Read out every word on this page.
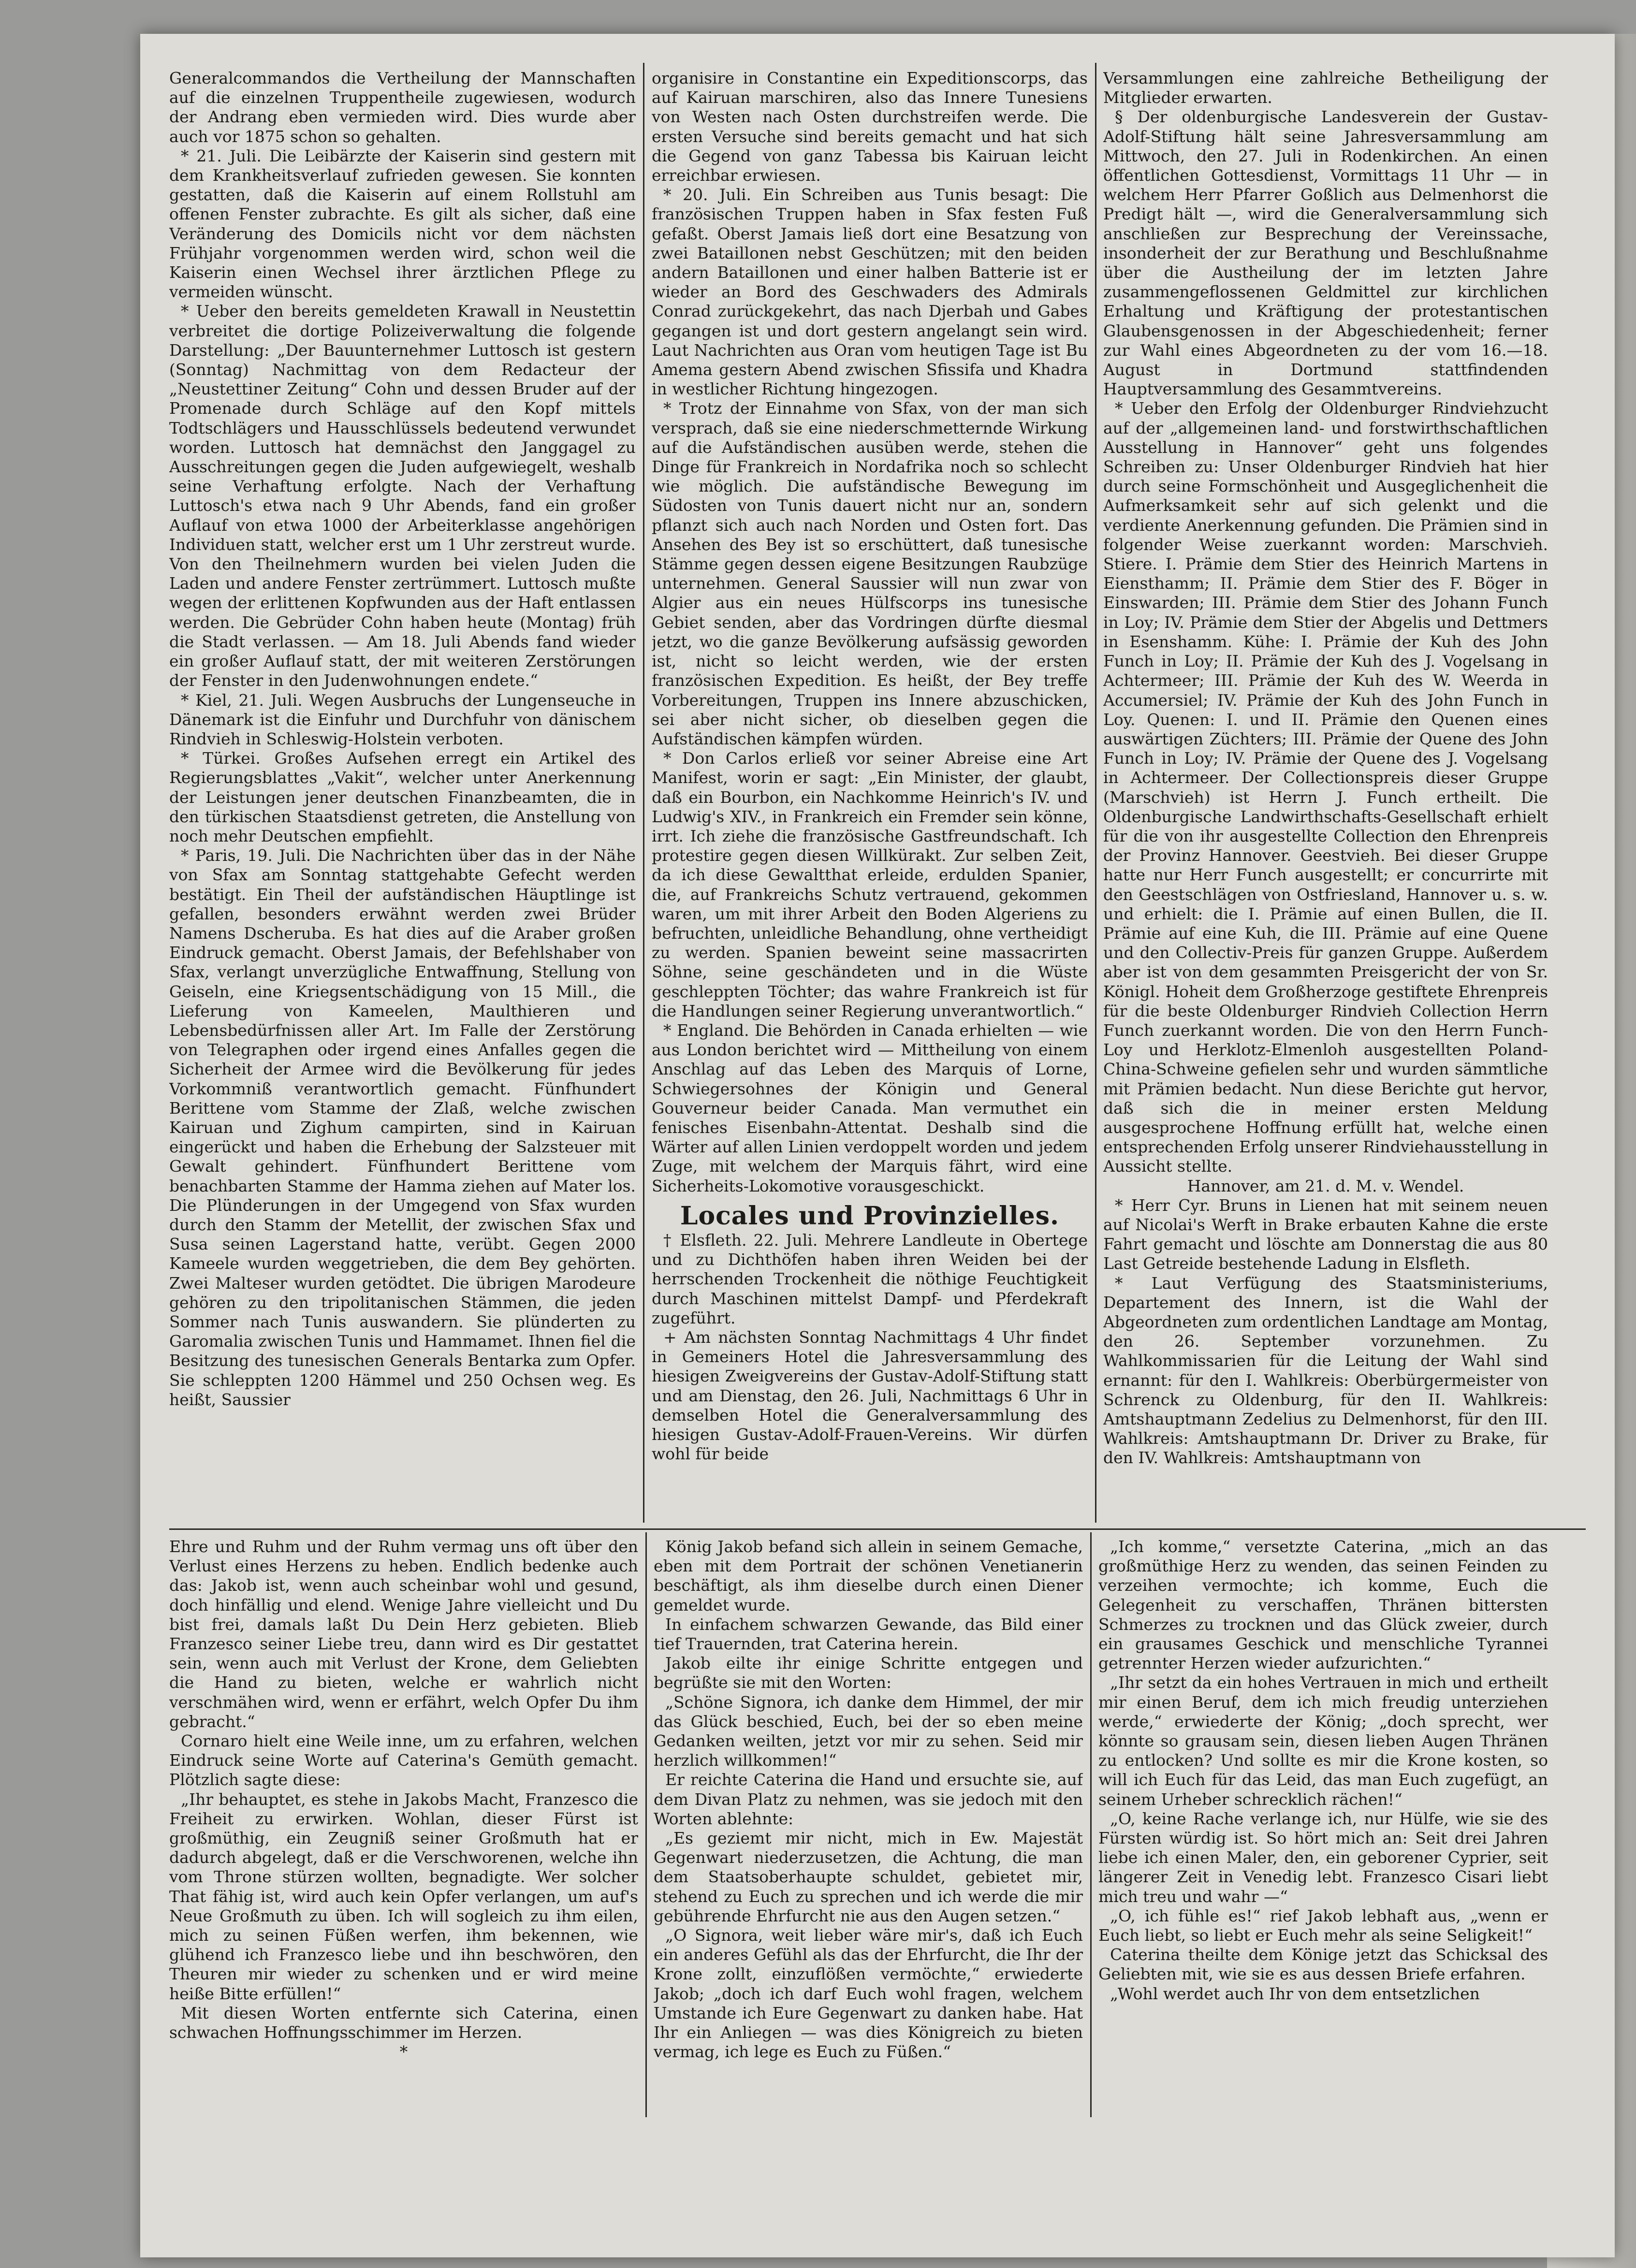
Generalcommandos die Vertheilung der Mannschaften auf die einzelnen Truppentheile zugewiesen, wodurch der Andrang eben vermieden wird. Dies wurde aber auch vor 1875 schon so gehalten.

* 21. Juli. Die Leibärzte der Kaiserin sind gestern mit dem Krankheitsverlauf zufrieden gewesen. Sie konnten gestatten, daß die Kaiserin auf einem Rollstuhl am offenen Fenster zubrachte. Es gilt als sicher, daß eine Veränderung des Domicils nicht vor dem nächsten Frühjahr vorgenommen werden wird, schon weil die Kaiserin einen Wechsel ihrer ärztlichen Pflege zu vermeiden wünscht.

* Ueber den bereits gemeldeten Krawall in Neustettin verbreitet die dortige Polizeiverwaltung die folgende Darstellung: „Der Bauunternehmer Luttosch ist gestern (Sonntag) Nachmittag von dem Redacteur der „Neustettiner Zeitung“ Cohn und dessen Bruder auf der Promenade durch Schläge auf den Kopf mittels Todtschlägers und Hausschlüssels bedeutend verwundet worden. Luttosch hat demnächst den Janggagel zu Ausschreitungen gegen die Juden aufgewiegelt, weshalb seine Verhaftung erfolgte. Nach der Verhaftung Luttosch's etwa nach 9 Uhr Abends, fand ein großer Auflauf von etwa 1000 der Arbeiterklasse angehörigen Individuen statt, welcher erst um 1 Uhr zerstreut wurde. Von den Theilnehmern wurden bei vielen Juden die Laden und andere Fenster zertrümmert. Luttosch mußte wegen der erlittenen Kopfwunden aus der Haft entlassen werden. Die Gebrüder Cohn haben heute (Montag) früh die Stadt verlassen. — Am 18. Juli Abends fand wieder ein großer Auflauf statt, der mit weiteren Zerstörungen der Fenster in den Judenwohnungen endete.“

* Kiel, 21. Juli. Wegen Ausbruchs der Lungenseuche in Dänemark ist die Einfuhr und Durchfuhr von dänischem Rindvieh in Schleswig-Holstein verboten.

* Türkei. Großes Aufsehen erregt ein Artikel des Regierungsblattes „Vakit“, welcher unter Anerkennung der Leistungen jener deutschen Finanzbeamten, die in den türkischen Staatsdienst getreten, die Anstellung von noch mehr Deutschen empfiehlt.

* Paris, 19. Juli. Die Nachrichten über das in der Nähe von Sfax am Sonntag stattgehabte Gefecht werden bestätigt. Ein Theil der aufständischen Häuptlinge ist gefallen, besonders erwähnt werden zwei Brüder Namens Dscheruba. Es hat dies auf die Araber großen Eindruck gemacht. Oberst Jamais, der Befehlshaber von Sfax, verlangt unverzügliche Entwaffnung, Stellung von Geiseln, eine Kriegsentschädigung von 15 Mill., die Lieferung von Kameelen, Maulthieren und Lebensbedürfnissen aller Art. Im Falle der Zerstörung von Telegraphen oder irgend eines Anfalles gegen die Sicherheit der Armee wird die Bevölkerung für jedes Vorkommniß verantwortlich gemacht. Fünfhundert Berittene vom Stamme der Zlaß, welche zwischen Kairuan und Zighum campirten, sind in Kairuan eingerückt und haben die Erhebung der Salzsteuer mit Gewalt gehindert. Fünfhundert Berittene vom benachbarten Stamme der Hamma ziehen auf Mater los. Die Plünderungen in der Umgegend von Sfax wurden durch den Stamm der Metellit, der zwischen Sfax und Susa seinen Lagerstand hatte, verübt. Gegen 2000 Kameele wurden weggetrieben, die dem Bey gehörten. Zwei Malteser wurden getödtet. Die übrigen Marodeure gehören zu den tripolitanischen Stämmen, die jeden Sommer nach Tunis auswandern. Sie plünderten zu Garomalia zwischen Tunis und Hammamet. Ihnen fiel die Besitzung des tunesischen Generals Bentarka zum Opfer. Sie schleppten 1200 Hämmel und 250 Ochsen weg. Es heißt, Saussier

organisire in Constantine ein Expeditionscorps, das auf Kairuan marschiren, also das Innere Tunesiens von Westen nach Osten durchstreifen werde. Die ersten Versuche sind bereits gemacht und hat sich die Gegend von ganz Tabessa bis Kairuan leicht erreichbar erwiesen.

* 20. Juli. Ein Schreiben aus Tunis besagt: Die französischen Truppen haben in Sfax festen Fuß gefaßt. Oberst Jamais ließ dort eine Besatzung von zwei Bataillonen nebst Geschützen; mit den beiden andern Bataillonen und einer halben Batterie ist er wieder an Bord des Geschwaders des Admirals Conrad zurückgekehrt, das nach Djerbah und Gabes gegangen ist und dort gestern angelangt sein wird. Laut Nachrichten aus Oran vom heutigen Tage ist Bu Amema gestern Abend zwischen Sfissifa und Khadra in westlicher Richtung hingezogen.

* Trotz der Einnahme von Sfax, von der man sich versprach, daß sie eine niederschmetternde Wirkung auf die Aufständischen ausüben werde, stehen die Dinge für Frankreich in Nordafrika noch so schlecht wie möglich. Die aufständische Bewegung im Südosten von Tunis dauert nicht nur an, sondern pflanzt sich auch nach Norden und Osten fort. Das Ansehen des Bey ist so erschüttert, daß tunesische Stämme gegen dessen eigene Besitzungen Raubzüge unternehmen. General Saussier will nun zwar von Algier aus ein neues Hülfscorps ins tunesische Gebiet senden, aber das Vordringen dürfte diesmal jetzt, wo die ganze Bevölkerung aufsässig geworden ist, nicht so leicht werden, wie der ersten französischen Expedition. Es heißt, der Bey treffe Vorbereitungen, Truppen ins Innere abzuschicken, sei aber nicht sicher, ob dieselben gegen die Aufständischen kämpfen würden.

* Don Carlos erließ vor seiner Abreise eine Art Manifest, worin er sagt: „Ein Minister, der glaubt, daß ein Bourbon, ein Nachkomme Heinrich's IV. und Ludwig's XIV., in Frankreich ein Fremder sein könne, irrt. Ich ziehe die französische Gastfreundschaft. Ich protestire gegen diesen Willkürakt. Zur selben Zeit, da ich diese Gewaltthat erleide, erdulden Spanier, die, auf Frankreichs Schutz vertrauend, gekommen waren, um mit ihrer Arbeit den Boden Algeriens zu befruchten, unleidliche Behandlung, ohne vertheidigt zu werden. Spanien beweint seine massacrirten Söhne, seine geschändeten und in die Wüste geschleppten Töchter; das wahre Frankreich ist für die Handlungen seiner Regierung unverantwortlich.“

* England. Die Behörden in Canada erhielten — wie aus London berichtet wird — Mittheilung von einem Anschlag auf das Leben des Marquis of Lorne, Schwiegersohnes der Königin und General Gouverneur beider Canada. Man vermuthet ein fenisches Eisenbahn-Attentat. Deshalb sind die Wärter auf allen Linien verdoppelt worden und jedem Zuge, mit welchem der Marquis fährt, wird eine Sicherheits-Lokomotive vorausgeschickt.

Locales und Provinzielles.

† Elsfleth. 22. Juli. Mehrere Landleute in Obertege und zu Dichthöfen haben ihren Weiden bei der herrschenden Trockenheit die nöthige Feuchtigkeit durch Maschinen mittelst Dampf- und Pferdekraft zugeführt.

+ Am nächsten Sonntag Nachmittags 4 Uhr findet in Gemeiners Hotel die Jahresversammlung des hiesigen Zweigvereins der Gustav-Adolf-Stiftung statt und am Dienstag, den 26. Juli, Nachmittags 6 Uhr in demselben Hotel die Generalversammlung des hiesigen Gustav-Adolf-Frauen-Vereins. Wir dürfen wohl für beide

Versammlungen eine zahlreiche Betheiligung der Mitglieder erwarten.

§ Der oldenburgische Landesverein der Gustav-Adolf-Stiftung hält seine Jahresversammlung am Mittwoch, den 27. Juli in Rodenkirchen. An einen öffentlichen Gottesdienst, Vormittags 11 Uhr — in welchem Herr Pfarrer Goßlich aus Delmenhorst die Predigt hält —, wird die Generalversammlung sich anschließen zur Besprechung der Vereinssache, insonderheit der zur Berathung und Beschlußnahme über die Austheilung der im letzten Jahre zusammengeflossenen Geldmittel zur kirchlichen Erhaltung und Kräftigung der protestantischen Glaubensgenossen in der Abgeschiedenheit; ferner zur Wahl eines Abgeordneten zu der vom 16.—18. August in Dortmund stattfindenden Hauptversammlung des Gesammtvereins.

* Ueber den Erfolg der Oldenburger Rindviehzucht auf der „allgemeinen land- und forstwirthschaftlichen Ausstellung in Hannover“ geht uns folgendes Schreiben zu: Unser Oldenburger Rindvieh hat hier durch seine Formschönheit und Ausgeglichenheit die Aufmerksamkeit sehr auf sich gelenkt und die verdiente Anerkennung gefunden. Die Prämien sind in folgender Weise zuerkannt worden: Marschvieh. Stiere. I. Prämie dem Stier des Heinrich Martens in Eiensthamm; II. Prämie dem Stier des F. Böger in Einswarden; III. Prämie dem Stier des Johann Funch in Loy; IV. Prämie dem Stier der Abgelis und Dettmers in Esenshamm. Kühe: I. Prämie der Kuh des John Funch in Loy; II. Prämie der Kuh des J. Vogelsang in Achtermeer; III. Prämie der Kuh des W. Weerda in Accumersiel; IV. Prämie der Kuh des John Funch in Loy. Quenen: I. und II. Prämie den Quenen eines auswärtigen Züchters; III. Prämie der Quene des John Funch in Loy; IV. Prämie der Quene des J. Vogelsang in Achtermeer. Der Collectionspreis dieser Gruppe (Marschvieh) ist Herrn J. Funch ertheilt. Die Oldenburgische Landwirthschafts-Gesellschaft erhielt für die von ihr ausgestellte Collection den Ehrenpreis der Provinz Hannover. Geestvieh. Bei dieser Gruppe hatte nur Herr Funch ausgestellt; er concurrirte mit den Geestschlägen von Ostfriesland, Hannover u. s. w. und erhielt: die I. Prämie auf einen Bullen, die II. Prämie auf eine Kuh, die III. Prämie auf eine Quene und den Collectiv-Preis für ganzen Gruppe. Außerdem aber ist von dem gesammten Preisgericht der von Sr. Königl. Hoheit dem Großherzoge gestiftete Ehrenpreis für die beste Oldenburger Rindvieh Collection Herrn Funch zuerkannt worden. Die von den Herrn Funch-Loy und Herklotz-Elmenloh ausgestellten Poland-China-Schweine gefielen sehr und wurden sämmtliche mit Prämien bedacht. Nun diese Berichte gut hervor, daß sich die in meiner ersten Meldung ausgesprochene Hoffnung erfüllt hat, welche einen entsprechenden Erfolg unserer Rindviehausstellung in Aussicht stellte.

Hannover, am 21. d. M. v. Wendel.

* Herr Cyr. Bruns in Lienen hat mit seinem neuen auf Nicolai's Werft in Brake erbauten Kahne die erste Fahrt gemacht und löschte am Donnerstag die aus 80 Last Getreide bestehende Ladung in Elsfleth.

* Laut Verfügung des Staatsministeriums, Departement des Innern, ist die Wahl der Abgeordneten zum ordentlichen Landtage am Montag, den 26. September vorzunehmen. Zu Wahlkommissarien für die Leitung der Wahl sind ernannt: für den I. Wahlkreis: Oberbürgermeister von Schrenck zu Oldenburg, für den II. Wahlkreis: Amtshauptmann Zedelius zu Delmenhorst, für den III. Wahlkreis: Amtshauptmann Dr. Driver zu Brake, für den IV. Wahlkreis: Amtshauptmann von

Ehre und Ruhm und der Ruhm vermag uns oft über den Verlust eines Herzens zu heben. Endlich bedenke auch das: Jakob ist, wenn auch scheinbar wohl und gesund, doch hinfällig und elend. Wenige Jahre vielleicht und Du bist frei, damals laßt Du Dein Herz gebieten. Blieb Franzesco seiner Liebe treu, dann wird es Dir gestattet sein, wenn auch mit Verlust der Krone, dem Geliebten die Hand zu bieten, welche er wahrlich nicht verschmähen wird, wenn er erfährt, welch Opfer Du ihm gebracht.“

Cornaro hielt eine Weile inne, um zu erfahren, welchen Eindruck seine Worte auf Caterina's Gemüth gemacht. Plötzlich sagte diese:

„Ihr behauptet, es stehe in Jakobs Macht, Franzesco die Freiheit zu erwirken. Wohlan, dieser Fürst ist großmüthig, ein Zeugniß seiner Großmuth hat er dadurch abgelegt, daß er die Verschworenen, welche ihn vom Throne stürzen wollten, begnadigte. Wer solcher That fähig ist, wird auch kein Opfer verlangen, um auf's Neue Großmuth zu üben. Ich will sogleich zu ihm eilen, mich zu seinen Füßen werfen, ihm bekennen, wie glühend ich Franzesco liebe und ihn beschwören, den Theuren mir wieder zu schenken und er wird meine heiße Bitte erfüllen!“

Mit diesen Worten entfernte sich Caterina, einen schwachen Hoffnungsschimmer im Herzen.

*

König Jakob befand sich allein in seinem Gemache, eben mit dem Portrait der schönen Venetianerin beschäftigt, als ihm dieselbe durch einen Diener gemeldet wurde.

In einfachem schwarzen Gewande, das Bild einer tief Trauernden, trat Caterina herein.

Jakob eilte ihr einige Schritte entgegen und begrüßte sie mit den Worten:

„Schöne Signora, ich danke dem Himmel, der mir das Glück beschied, Euch, bei der so eben meine Gedanken weilten, jetzt vor mir zu sehen. Seid mir herzlich willkommen!“

Er reichte Caterina die Hand und ersuchte sie, auf dem Divan Platz zu nehmen, was sie jedoch mit den Worten ablehnte:

„Es geziemt mir nicht, mich in Ew. Majestät Gegenwart niederzusetzen, die Achtung, die man dem Staatsoberhaupte schuldet, gebietet mir, stehend zu Euch zu sprechen und ich werde die mir gebührende Ehrfurcht nie aus den Augen setzen.“

„O Signora, weit lieber wäre mir's, daß ich Euch ein anderes Gefühl als das der Ehrfurcht, die Ihr der Krone zollt, einzuflößen vermöchte,“ erwiederte Jakob; „doch ich darf Euch wohl fragen, welchem Umstande ich Eure Gegenwart zu danken habe. Hat Ihr ein Anliegen — was dies Königreich zu bieten vermag, ich lege es Euch zu Füßen.“

„Ich komme,“ versetzte Caterina, „mich an das großmüthige Herz zu wenden, das seinen Feinden zu verzeihen vermochte; ich komme, Euch die Gelegenheit zu verschaffen, Thränen bittersten Schmerzes zu trocknen und das Glück zweier, durch ein grausames Geschick und menschliche Tyrannei getrennter Herzen wieder aufzurichten.“

„Ihr setzt da ein hohes Vertrauen in mich und ertheilt mir einen Beruf, dem ich mich freudig unterziehen werde,“ erwiederte der König; „doch sprecht, wer könnte so grausam sein, diesen lieben Augen Thränen zu entlocken? Und sollte es mir die Krone kosten, so will ich Euch für das Leid, das man Euch zugefügt, an seinem Urheber schrecklich rächen!“

„O, keine Rache verlange ich, nur Hülfe, wie sie des Fürsten würdig ist. So hört mich an: Seit drei Jahren liebe ich einen Maler, den, ein geborener Cyprier, seit längerer Zeit in Venedig lebt. Franzesco Cisari liebt mich treu und wahr —“

„O, ich fühle es!“ rief Jakob lebhaft aus, „wenn er Euch liebt, so liebt er Euch mehr als seine Seligkeit!“

Caterina theilte dem Könige jetzt das Schicksal des Geliebten mit, wie sie es aus dessen Briefe erfahren.

„Wohl werdet auch Ihr von dem entsetzlichen
